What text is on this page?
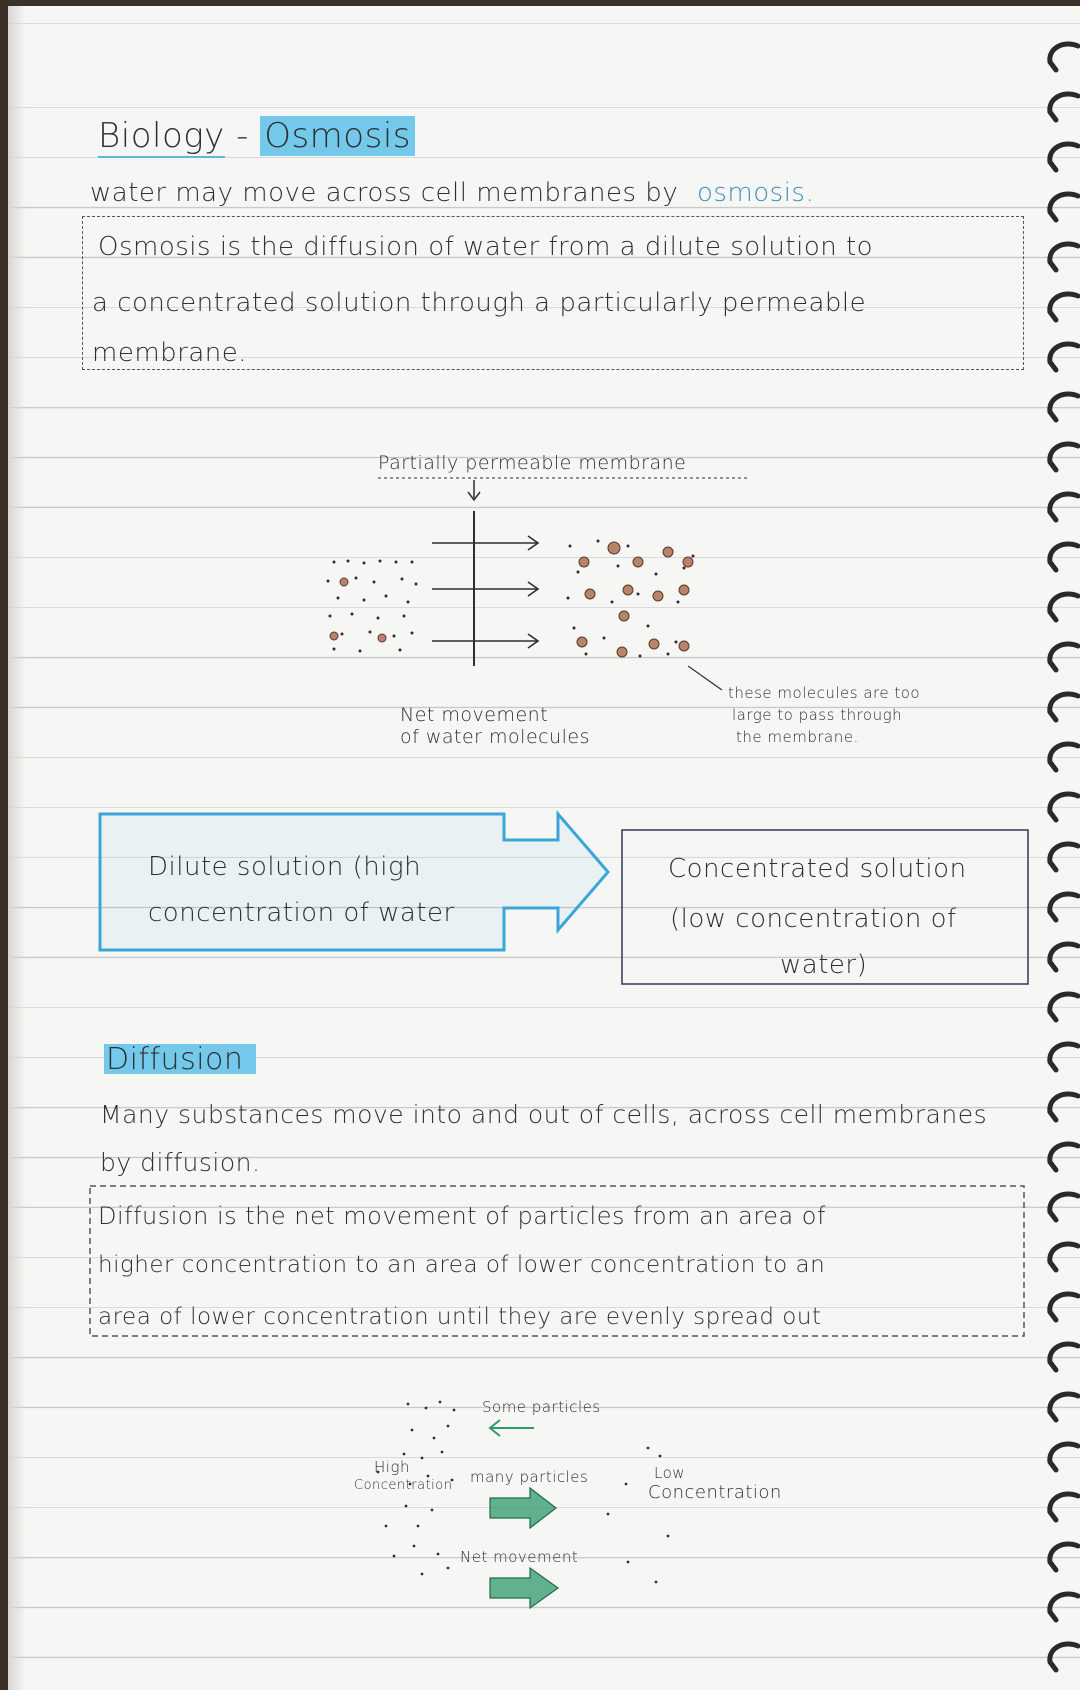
Biology - Osmosis
water may move across cell membranes by osmosis.
Osmosis is the diffusion of water from a dilute solution to
a concentrated solution through a particularly permeable
membrane.
Partially permeable membrane
Net movement
of water molecules
these molecules are too
large to pass through
the membrane.
Dilute solution (high
concentration of water
Concentrated solution
(low concentration of
water)
Diffusion
Many substances move into and out of cells, across cell membranes
by diffusion.
Diffusion is the net movement of particles from an area of
higher concentration to an area of lower concentration to an
area of lower concentration until they are evenly spread out
Some particles
High
Concentration many particles	Low
Concentration
Net movement
